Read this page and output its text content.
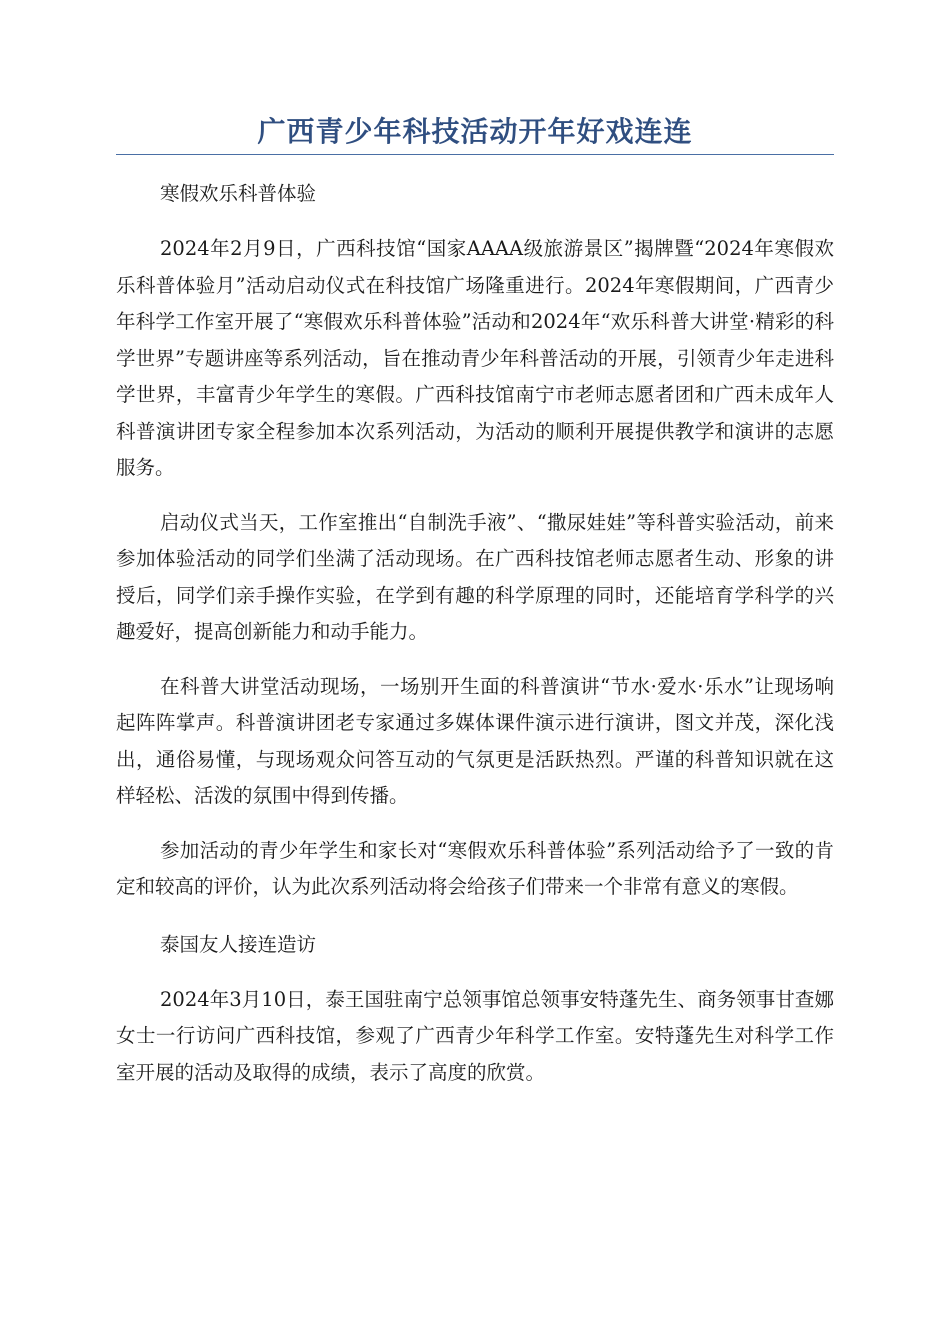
广西青少年科技活动开年好戏连连

寒假欢乐科普体验

2024年2月9日，广西科技馆“国家AAAA级旅游景区”揭牌暨“2024年寒假欢乐科普体验月”活动启动仪式在科技馆广场隆重进行。2024年寒假期间，广西青少年科学工作室开展了“寒假欢乐科普体验”活动和2024年“欢乐科普大讲堂·精彩的科学世界”专题讲座等系列活动，旨在推动青少年科普活动的开展，引领青少年走进科学世界，丰富青少年学生的寒假。广西科技馆南宁市老师志愿者团和广西未成年人科普演讲团专家全程参加本次系列活动，为活动的顺利开展提供教学和演讲的志愿服务。

启动仪式当天，工作室推出“自制洗手液”、“撒尿娃娃”等科普实验活动，前来参加体验活动的同学们坐满了活动现场。在广西科技馆老师志愿者生动、形象的讲授后，同学们亲手操作实验，在学到有趣的科学原理的同时，还能培育学科学的兴趣爱好，提高创新能力和动手能力。

在科普大讲堂活动现场，一场别开生面的科普演讲“节水·爱水·乐水”让现场响起阵阵掌声。科普演讲团老专家通过多媒体课件演示进行演讲，图文并茂，深化浅出，通俗易懂，与现场观众问答互动的气氛更是活跃热烈。严谨的科普知识就在这样轻松、活泼的氛围中得到传播。

参加活动的青少年学生和家长对“寒假欢乐科普体验”系列活动给予了一致的肯定和较高的评价，认为此次系列活动将会给孩子们带来一个非常有意义的寒假。

泰国友人接连造访

2024年3月10日，泰王国驻南宁总领事馆总领事安特蓬先生、商务领事甘查娜女士一行访问广西科技馆，参观了广西青少年科学工作室。安特蓬先生对科学工作室开展的活动及取得的成绩，表示了高度的欣赏。
